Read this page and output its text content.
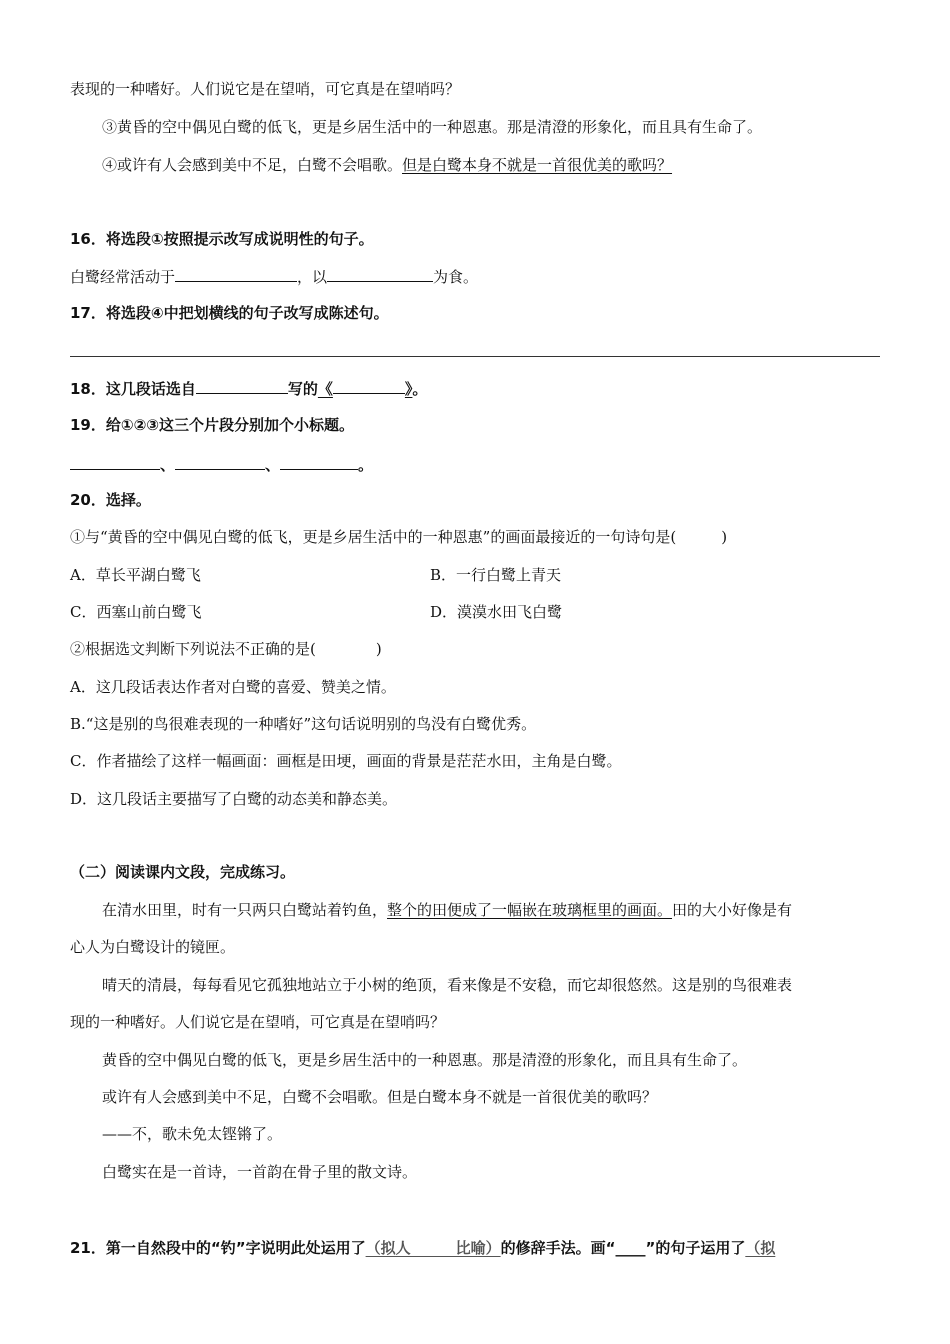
表现的一种嗜好。人们说它是在望哨，可它真是在望哨吗？
③黄昏的空中偶见白鹭的低飞，更是乡居生活中的一种恩惠。那是清澄的形象化，而且具有生命了。
④或许有人会感到美中不足，白鹭不会唱歌。但是白鹭本身不就是一首很优美的歌吗？
16．将选段①按照提示改写成说明性的句子。
白鹭经常活动于	，以	为食。
17．将选段④中把划横线的句子改写成陈述句。
18．这几段话选自	写的《	》。
19．给①②③这三个片段分别加个小标题。
、	、	。
20．选择。
①与“黄昏的空中偶见白鹭的低飞，更是乡居生活中的一种恩惠”的画面最接近的一句诗句是(　　　)
A．草长平湖白鹭飞	B．一行白鹭上青天
C．西塞山前白鹭飞	D．漠漠水田飞白鹭
②根据选文判断下列说法不正确的是(　　　　)
A．这几段话表达作者对白鹭的喜爱、赞美之情。
B.“这是别的鸟很难表现的一种嗜好”这句话说明别的鸟没有白鹭优秀。
C．作者描绘了这样一幅画面：画框是田埂，画面的背景是茫茫水田，主角是白鹭。
D．这几段话主要描写了白鹭的动态美和静态美。
（二）阅读课内文段，完成练习。
在清水田里，时有一只两只白鹭站着钓鱼，整个的田便成了一幅嵌在玻璃框里的画面。田的大小好像是有
心人为白鹭设计的镜匣。
晴天的清晨，每每看见它孤独地站立于小树的绝顶，看来像是不安稳，而它却很悠然。这是别的鸟很难表
现的一种嗜好。人们说它是在望哨，可它真是在望哨吗？
黄昏的空中偶见白鹭的低飞，更是乡居生活中的一种恩惠。那是清澄的形象化，而且具有生命了。
或许有人会感到美中不足，白鹭不会唱歌。但是白鹭本身不就是一首很优美的歌吗？
——不，歌未免太铿锵了。
白鹭实在是一首诗，一首韵在骨子里的散文诗。
21．第一自然段中的“钓”字说明此处运用了（拟人　　　比喻）的修辞手法。画“____”的句子运用了（拟
